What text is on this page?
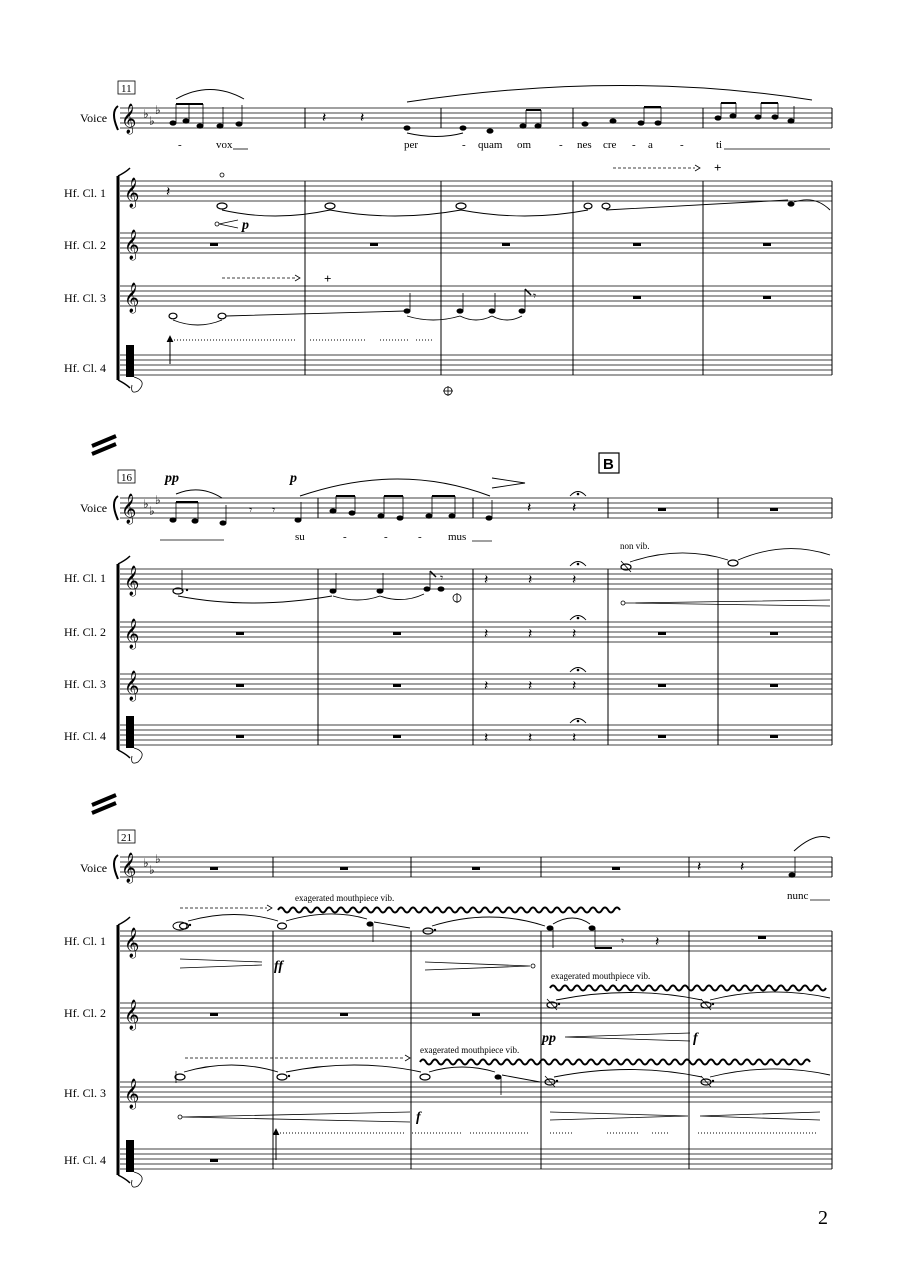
11
Voice
Hf. Cl. 1
Hf. Cl. 2
Hf. Cl. 3
Hf. Cl. 4
𝄞
𝄞
𝄞
𝄞
♭ ♭
♭	𝄽 𝄽
-	vox	per	- quam om	- nes cre - a -	ti
𝄽
+
p
+
𝄾
16
B
Voice
Hf. Cl. 1
Hf. Cl. 2
Hf. Cl. 3
Hf. Cl. 4
𝄞
𝄞
𝄞
𝄞
♭ ♭
♭
pp	p
𝄾 𝄾	𝄽	𝄽
su	-	-	- mus
𝄾	𝄽	𝄽	𝄽
non vib.
𝄽	𝄽	𝄽
𝄽	𝄽	𝄽
𝄽	𝄽	𝄽
21
Voice
Hf. Cl. 1
Hf. Cl. 2
Hf. Cl. 3
Hf. Cl. 4
𝄞
𝄞
𝄞
𝄞
♭ ♭
♭	𝄽	𝄽
nunc
exagerated mouthpiece vib.
𝄾 𝄽
ff
exagerated mouthpiece vib.
pp	f
exagerated mouthpiece vib.
f
2
